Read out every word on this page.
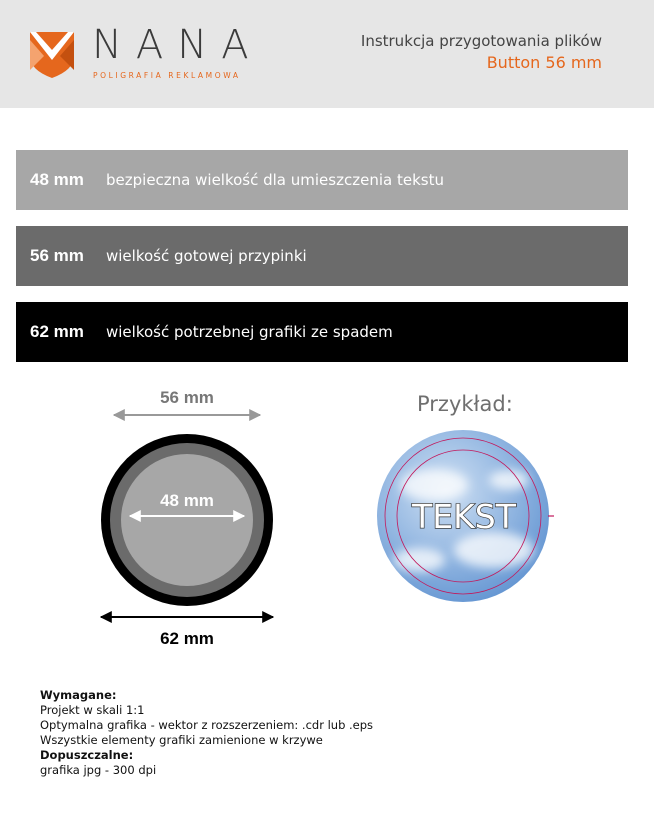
NANA
POLIGRAFIA REKLAMOWA
Instrukcja przygotowania plików
Button 56 mm
48 mm	bezpieczna wielkość dla umieszczenia tekstu
56 mm	wielkość gotowej przypinki
62 mm	wielkość potrzebnej grafiki ze spadem
56 mm
48 mm
62 mm
Przykład:
TEKST
Wymagane:
Projekt w skali 1:1
Optymalna grafika - wektor z rozszerzeniem: .cdr lub .eps
Wszystkie elementy grafiki zamienione w krzywe
Dopuszczalne:
grafika jpg - 300 dpi
